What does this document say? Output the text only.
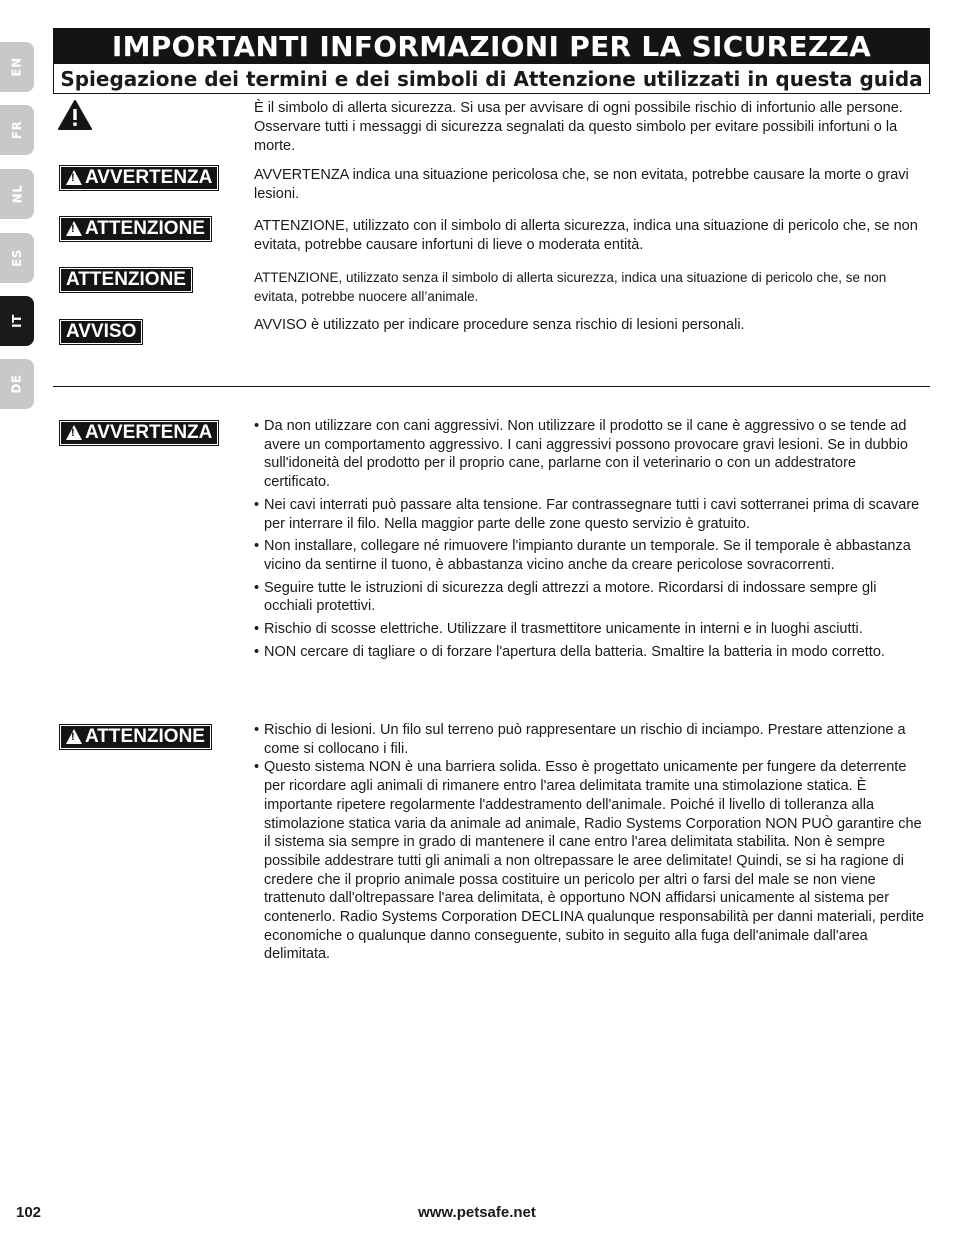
EN
FR
NL
ES
IT
DE
IMPORTANTI INFORMAZIONI PER LA SICUREZZA
Spiegazione dei termini e dei simboli di Attenzione utilizzati in questa guida
È il simbolo di allerta sicurezza. Si usa per avvisare di ogni possibile rischio di infortunio alle persone. Osservare tutti i messaggi di sicurezza segnalati da questo simbolo per evitare possibili infortuni o la morte.
!
AVVERTENZA	AVVERTENZA indica una situazione pericolosa che, se non evitata, potrebbe causare la morte o gravi lesioni.
!
ATTENZIONE	ATTENZIONE, utilizzato con il simbolo di allerta sicurezza, indica una situazione di pericolo che, se non evitata, potrebbe causare infortuni di lieve o moderata entità.
ATTENZIONE	ATTENZIONE, utilizzato senza il simbolo di allerta sicurezza, indica una situazione di pericolo che, se non evitata, potrebbe nuocere all’animale.
AVVISO	AVVISO è utilizzato per indicare procedure senza rischio di lesioni personali.
!
AVVERTENZA	• Da non utilizzare con cani aggressivi. Non utilizzare il prodotto se il cane è aggressivo o se tende ad avere un comportamento aggressivo. I cani aggressivi possono provocare gravi lesioni. Se in dubbio sull'idoneità del prodotto per il proprio cane, parlarne con il veterinario o con un addestratore certificato.
• Nei cavi interrati può passare alta tensione. Far contrassegnare tutti i cavi sotterranei prima di scavare per interrare il filo. Nella maggior parte delle zone questo servizio è gratuito.
• Non installare, collegare né rimuovere l'impianto durante un temporale. Se il temporale è abbastanza vicino da sentirne il tuono, è abbastanza vicino anche da creare pericolose sovracorrenti.
• Seguire tutte le istruzioni di sicurezza degli attrezzi a motore. Ricordarsi di indossare sempre gli occhiali protettivi.
• Rischio di scosse elettriche. Utilizzare il trasmettitore unicamente in interni e in luoghi asciutti.
• NON cercare di tagliare o di forzare l'apertura della batteria. Smaltire la batteria in modo corretto.
!
ATTENZIONE	• Rischio di lesioni. Un filo sul terreno può rappresentare un rischio di inciampo. Prestare attenzione a come si collocano i fili.
• Questo sistema NON è una barriera solida. Esso è progettato unicamente per fungere da deterrente per ricordare agli animali di rimanere entro l'area delimitata tramite una stimolazione statica. È importante ripetere regolarmente l'addestramento dell'animale. Poiché il livello di tolleranza alla stimolazione statica varia da animale ad animale, Radio Systems Corporation NON PUÒ garantire che il sistema sia sempre in grado di mantenere il cane entro l'area delimitata stabilita. Non è sempre possibile addestrare tutti gli animali a non oltrepassare le aree delimitate! Quindi, se si ha ragione di credere che il proprio animale possa costituire un pericolo per altri o farsi del male se non viene trattenuto dall'oltrepassare l'area delimitata, è opportuno NON affidarsi unicamente al sistema per contenerlo. Radio Systems Corporation DECLINA qualunque responsabilità per danni materiali, perdite economiche o qualunque danno conseguente, subito in seguito alla fuga dell'animale dall'area delimitata.
102	www.petsafe.net
